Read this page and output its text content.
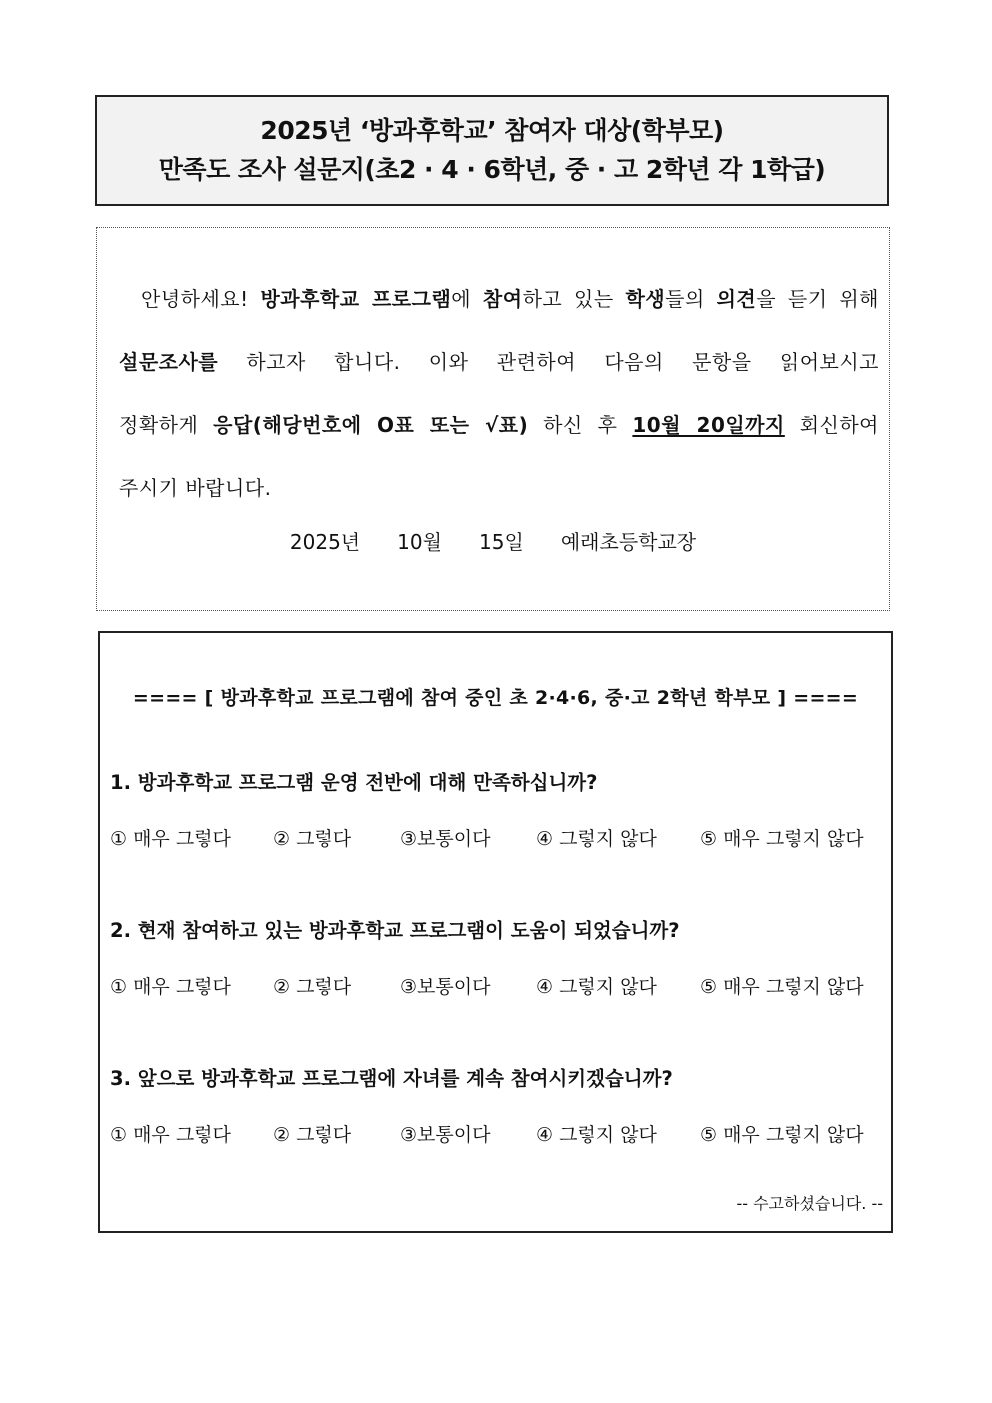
2025년 ‘방과후학교’ 참여자 대상(학부모)
만족도 조사 설문지(초2 · 4 · 6학년, 중 · 고 2학년 각 1학급)
안녕하세요! 방과후학교 프로그램에 참여하고 있는 학생들의 의견을 듣기 위해
설문조사를 하고자 합니다. 이와 관련하여 다음의 문항을 읽어보시고
정확하게 응답(해당번호에 O표 또는 √표) 하신 후 10월 20일까지 회신하여
주시기 바랍니다.
2025년   10월   15일   예래초등학교장
==== [ 방과후학교 프로그램에 참여 중인 초 2·4·6, 중·고 2학년 학부모 ] ====
1. 방과후학교 프로그램 운영 전반에 대해 만족하십니까?
① 매우 그렇다 ② 그렇다	③보통이다 ④ 그렇지 않다 ⑤ 매우 그렇지 않다
2. 현재 참여하고 있는 방과후학교 프로그램이 도움이 되었습니까?
① 매우 그렇다 ② 그렇다	③보통이다 ④ 그렇지 않다 ⑤ 매우 그렇지 않다
3. 앞으로 방과후학교 프로그램에 자녀를 계속 참여시키겠습니까?
① 매우 그렇다 ② 그렇다	③보통이다 ④ 그렇지 않다 ⑤ 매우 그렇지 않다
-- 수고하셨습니다. --
